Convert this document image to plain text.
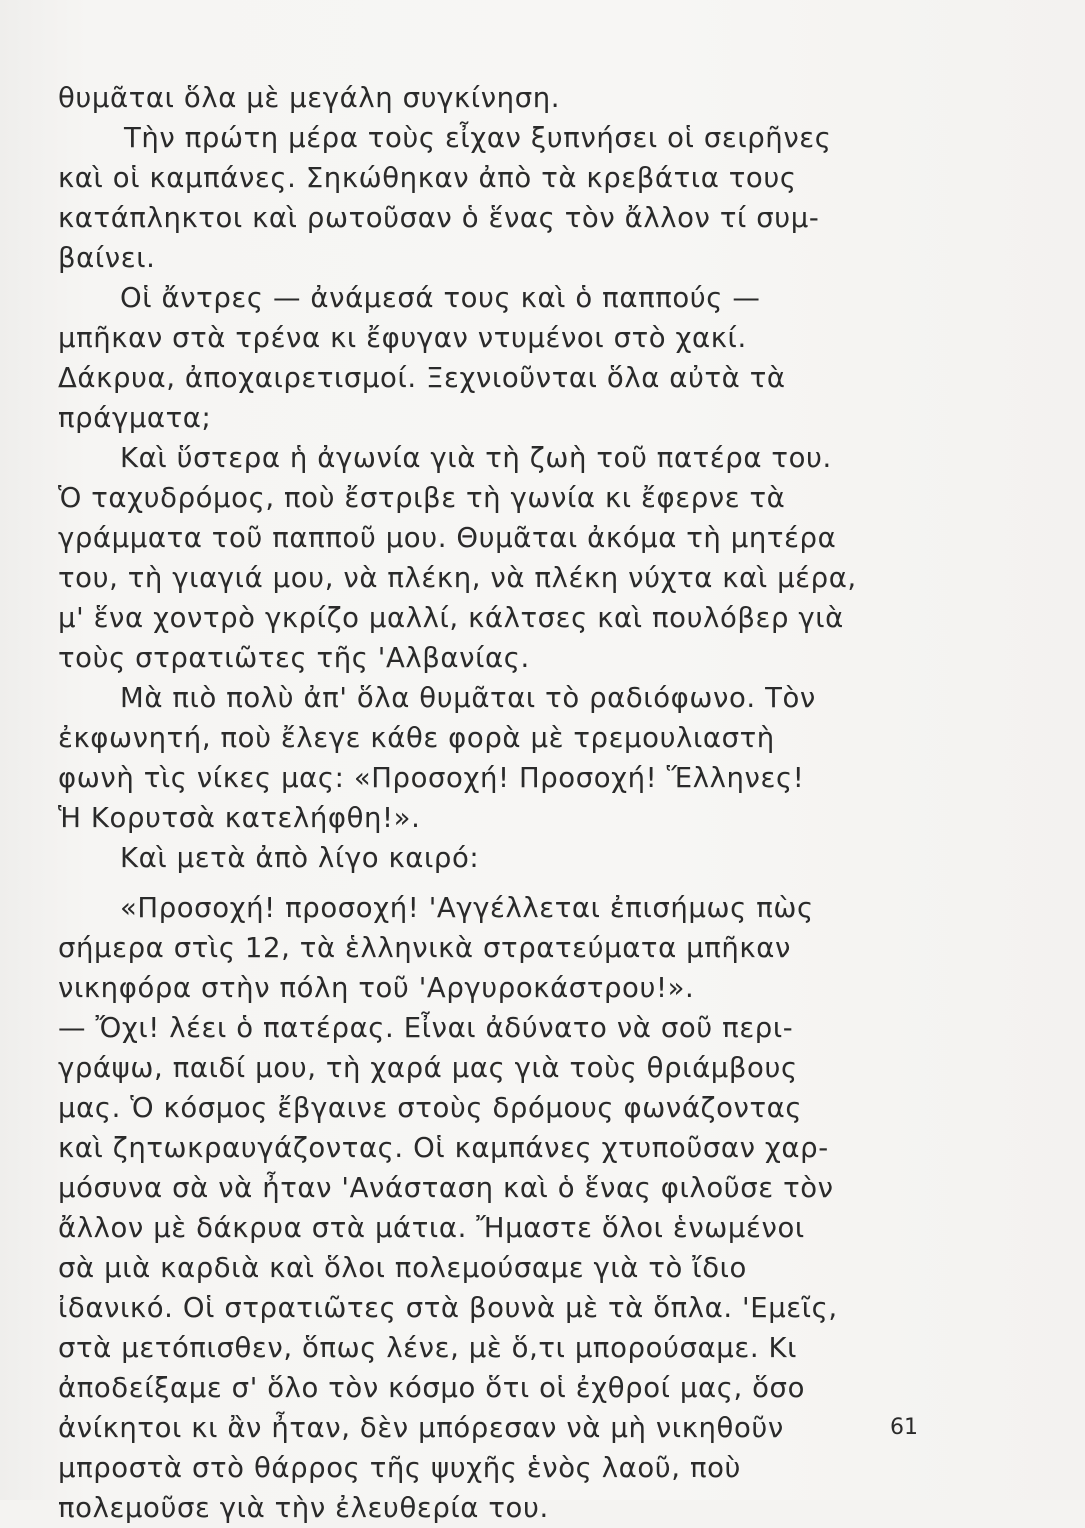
θυμᾶται ὅλα μὲ μεγάλη συγκίνηση.
Τὴν πρώτη μέρα τοὺς εἶχαν ξυπνήσει οἱ σειρῆνες
καὶ οἱ καμπάνες. Σηκώθηκαν ἀπὸ τὰ κρεβάτια τους
κατάπληκτοι καὶ ρωτοῦσαν ὁ ἕνας τὸν ἄλλον τί συμ-
βαίνει.
Οἱ ἄντρες — ἀνάμεσά τους καὶ ὁ παππούς —
μπῆκαν στὰ τρένα κι ἔφυγαν ντυμένοι στὸ χακί.
Δάκρυα, ἀποχαιρετισμοί. Ξεχνιοῦνται ὅλα αὐτὰ τὰ
πράγματα;
Καὶ ὕστερα ἡ ἀγωνία γιὰ τὴ ζωὴ τοῦ πατέρα του.
Ὁ ταχυδρόμος, ποὺ ἔστριβε τὴ γωνία κι ἔφερνε τὰ
γράμματα τοῦ παπποῦ μου. Θυμᾶται ἀκόμα τὴ μητέρα
του, τὴ γιαγιά μου, νὰ πλέκη, νὰ πλέκη νύχτα καὶ μέρα,
μ' ἕνα χοντρὸ γκρίζο μαλλί, κάλτσες καὶ πουλόβερ γιὰ
τοὺς στρατιῶτες τῆς 'Αλβανίας.
Μὰ πιὸ πολὺ ἀπ' ὅλα θυμᾶται τὸ ραδιόφωνο. Τὸν
ἐκφωνητή, ποὺ ἔλεγε κάθε φορὰ μὲ τρεμουλιαστὴ
φωνὴ τὶς νίκες μας: «Προσοχή! Προσοχή! Ἕλληνες!
Ἡ Κορυτσὰ κατελήφθη!».
Καὶ μετὰ ἀπὸ λίγο καιρό:
«Προσοχή! προσοχή! 'Αγγέλλεται ἐπισήμως πὼς
σήμερα στὶς 12, τὰ ἑλληνικὰ στρατεύματα μπῆκαν
νικηφόρα στὴν πόλη τοῦ 'Αργυροκάστρου!».
— Ὄχι! λέει ὁ πατέρας. Εἶναι ἀδύνατο νὰ σοῦ περι-
γράψω, παιδί μου, τὴ χαρά μας γιὰ τοὺς θριάμβους
μας. Ὁ κόσμος ἔβγαινε στοὺς δρόμους φωνάζοντας
καὶ ζητωκραυγάζοντας. Οἱ καμπάνες χτυποῦσαν χαρ-
μόσυνα σὰ νὰ ἦταν 'Ανάσταση καὶ ὁ ἕνας φιλοῦσε τὸν
ἄλλον μὲ δάκρυα στὰ μάτια. Ἤμαστε ὅλοι ἑνωμένοι
σὰ μιὰ καρδιὰ καὶ ὅλοι πολεμούσαμε γιὰ τὸ ἴδιο
ἰδανικό. Οἱ στρατιῶτες στὰ βουνὰ μὲ τὰ ὅπλα. 'Εμεῖς,
στὰ μετόπισθεν, ὅπως λένε, μὲ ὅ,τι μπορούσαμε. Κι
ἀποδείξαμε σ' ὅλο τὸν κόσμο ὅτι οἱ ἐχθροί μας, ὅσο
ἀνίκητοι κι ἂν ἦταν, δὲν μπόρεσαν νὰ μὴ νικηθοῦν
μπροστὰ στὸ θάρρος τῆς ψυχῆς ἑνὸς λαοῦ, ποὺ
πολεμοῦσε γιὰ τὴν ἐλευθερία του.
61
